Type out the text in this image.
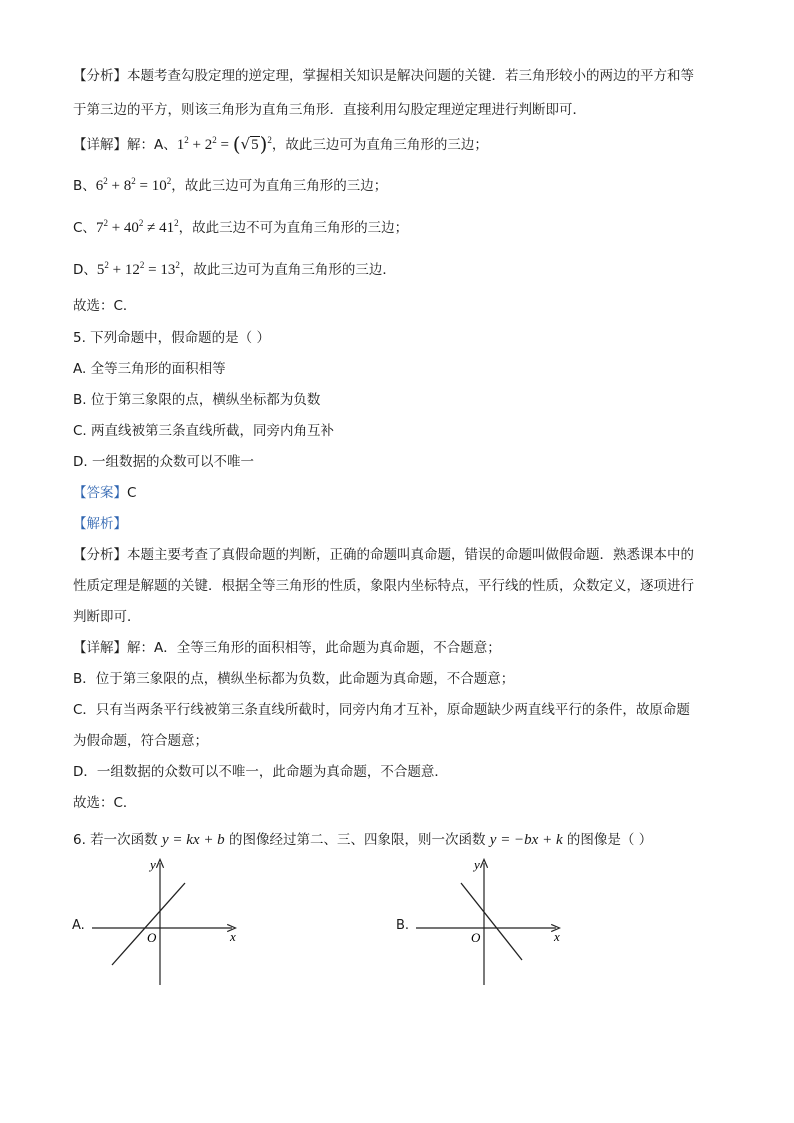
【分析】本题考查勾股定理的逆定理，掌握相关知识是解决问题的关键．若三角形较小的两边的平方和等
于第三边的平方，则该三角形为直角三角形．直接利用勾股定理逆定理进行判断即可．
【详解】解：A、$1^2 + 2^2 = (√5)^2$，故此三边可为直角三角形的三边；
B、$6^2 + 8^2 = 10^2$，故此三边可为直角三角形的三边；
C、$7^2 + 40^2 \ne 41^2$，故此三边不可为直角三角形的三边；
D、$5^2 + 12^2 = 13^2$，故此三边可为直角三角形的三边．
故选：C．
5. 下列命题中，假命题的是（ ）
A. 全等三角形的面积相等
B. 位于第三象限的点，横纵坐标都为负数
C. 两直线被第三条直线所截，同旁内角互补
D. 一组数据的众数可以不唯一
【答案】C
【解析】
【分析】本题主要考查了真假命题的判断，正确的命题叫真命题，错误的命题叫做假命题．熟悉课本中的
性质定理是解题的关键．根据全等三角形的性质，象限内坐标特点，平行线的性质，众数定义，逐项进行
判断即可．
【详解】解：A．全等三角形的面积相等，此命题为真命题，不合题意；
B．位于第三象限的点，横纵坐标都为负数，此命题为真命题，不合题意；
C．只有当两条平行线被第三条直线所截时，同旁内角才互补，原命题缺少两直线平行的条件，故原命题
为假命题，符合题意；
D．一组数据的众数可以不唯一，此命题为真命题，不合题意．
故选：C．
6. 若一次函数 y = kx + b 的图像经过第二、三、四象限，则一次函数 y = −bx + k 的图像是（ ）
A.
x
y
O
B.
x
y
O
